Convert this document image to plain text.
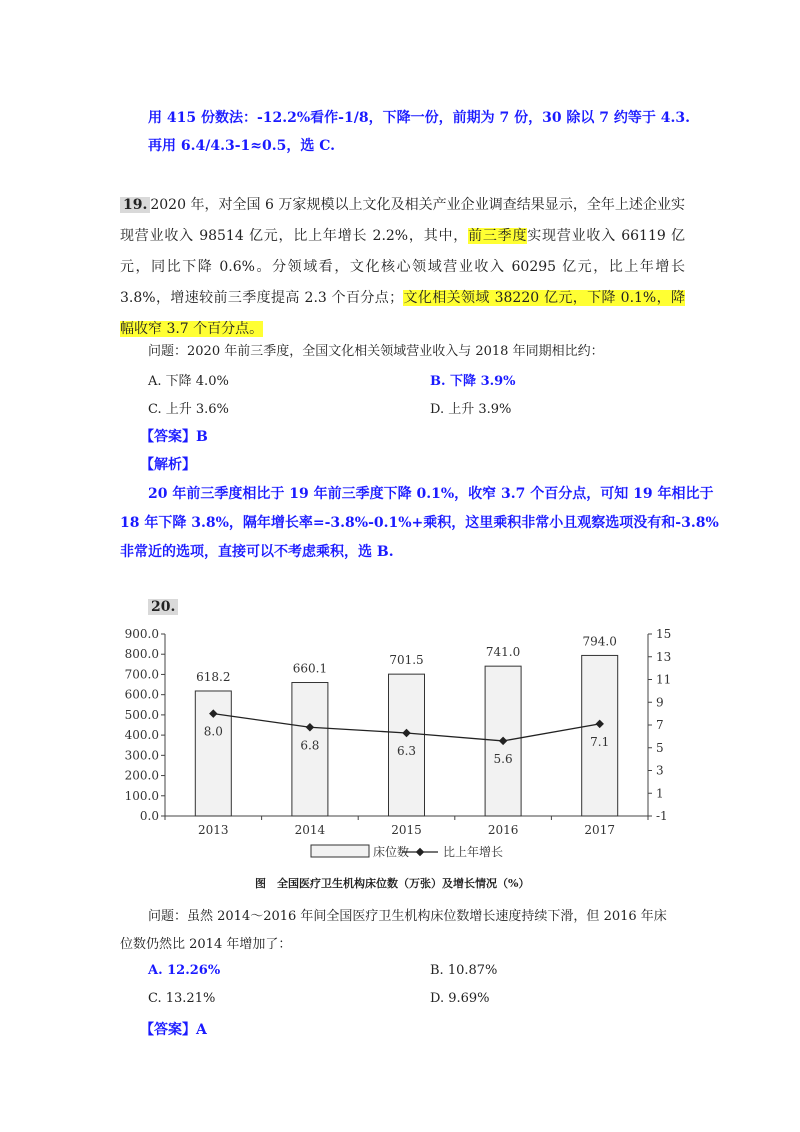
用 415 份数法：-12.2%看作-1/8，下降一份，前期为 7 份，30 除以 7 约等于 4.3.
再用 6.4/4.3-1≈0.5，选 C.
19. 2020 年，对全国 6 万家规模以上文化及相关产业企业调查结果显示，全年上述企业实现营业收入 98514 亿元，比上年增长 2.2%，其中，前三季度实现营业收入 66119 亿元，同比下降 0.6%。分领域看，文化核心领域营业收入 60295 亿元，比上年增长 3.8%，增速较前三季度提高 2.3 个百分点；文化相关领域 38220 亿元，下降 0.1%，降幅收窄 3.7 个百分点。
问题：2020 年前三季度，全国文化相关领域营业收入与 2018 年同期相比约：
A. 下降 4.0%	B. 下降 3.9%
C. 上升 3.6%	D. 上升 3.9%
【答案】B
【解析】
20 年前三季度相比于 19 年前三季度下降 0.1%，收窄 3.7 个百分点，可知 19 年相比于
18 年下降 3.8%，隔年增长率=-3.8%-0.1%+乘积，这里乘积非常小且观察选项没有和-3.8%
非常近的选项，直接可以不考虑乘积，选 B.
20.
0.0
100.0
200.0
300.0
400.0
500.0
600.0
700.0
800.0
900.0
-1
1
3
5
7
9
11
13
15
2013	2014	2015	2016	2017
618.2
660.1
701.5
741.0
794.0
8.0
6.8	6.3
5.6
7.1
床位数	比上年增长
图　全国医疗卫生机构床位数（万张）及增长情况（%）
问题：虽然 2014～2016 年间全国医疗卫生机构床位数增长速度持续下滑，但 2016 年床
位数仍然比 2014 年增加了：
A. 12.26%	B. 10.87%
C. 13.21%	D. 9.69%
【答案】A
